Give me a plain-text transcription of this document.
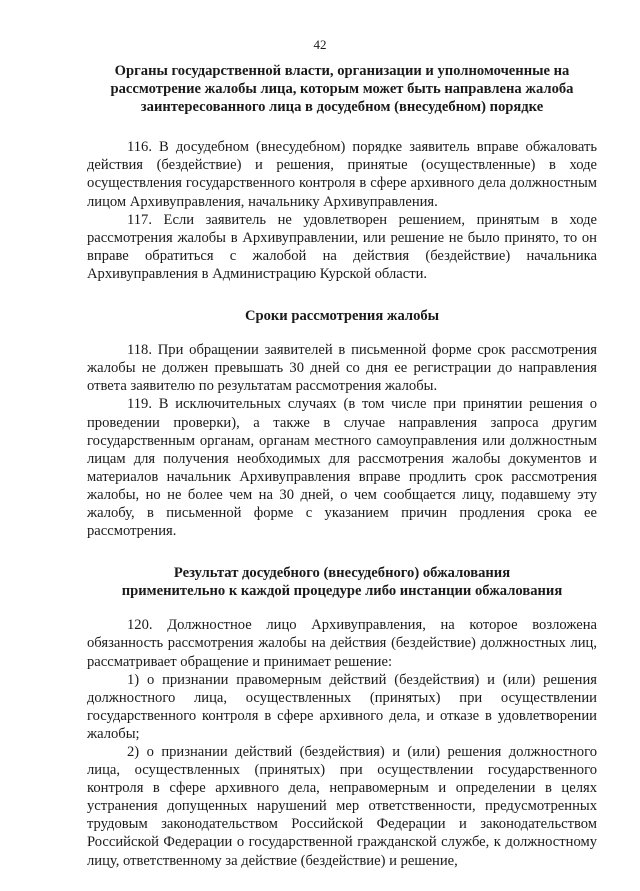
42
Органы государственной власти, организации и уполномоченные на
рассмотрение жалобы лица, которым может быть направлена жалоба
заинтересованного лица в досудебном (внесудебном) порядке

116. В досудебном (внесудебном) порядке заявитель вправе обжаловать действия (бездействие) и решения, принятые (осуществленные) в ходе осуществления государственного контроля в сфере архивного дела должностным лицом Архивуправления, начальнику Архивуправления.

117. Если заявитель не удовлетворен решением, принятым в ходе рассмотрения жалобы в Архивуправлении, или решение не было принято, то он вправе обратиться с жалобой на действия (бездействие) начальника Архивуправления в Администрацию Курской области.

Сроки рассмотрения жалобы

118. При обращении заявителей в письменной форме срок рассмотрения жалобы не должен превышать 30 дней со дня ее регистрации до направления ответа заявителю по результатам рассмотрения жалобы.

119. В исключительных случаях (в том числе при принятии решения о проведении проверки), а также в случае направления запроса другим государственным органам, органам местного самоуправления или должностным лицам для получения необходимых для рассмотрения жалобы документов и материалов начальник Архивуправления вправе продлить срок рассмотрения жалобы, но не более чем на 30 дней, о чем сообщается лицу, подавшему эту жалобу, в письменной форме с указанием причин продления срока ее рассмотрения.

Результат досудебного (внесудебного) обжалования
применительно к каждой процедуре либо инстанции обжалования

120. Должностное лицо Архивуправления, на которое возложена обязанность рассмотрения жалобы на действия (бездействие) должностных лиц, рассматривает обращение и принимает решение:

1) о признании правомерным действий (бездействия) и (или) решения должностного лица, осуществленных (принятых) при осуществлении государственного контроля в сфере архивного дела, и отказе в удовлетворении жалобы;

2) о признании действий (бездействия) и (или) решения должностного лица, осуществленных (принятых) при осуществлении государственного контроля в сфере архивного дела, неправомерным и определении в целях устранения допущенных нарушений мер ответственности, предусмотренных трудовым законодательством Российской Федерации и законодательством Российской Федерации о государственной гражданской службе, к должностному лицу, ответственному за действие (бездействие) и решение,
